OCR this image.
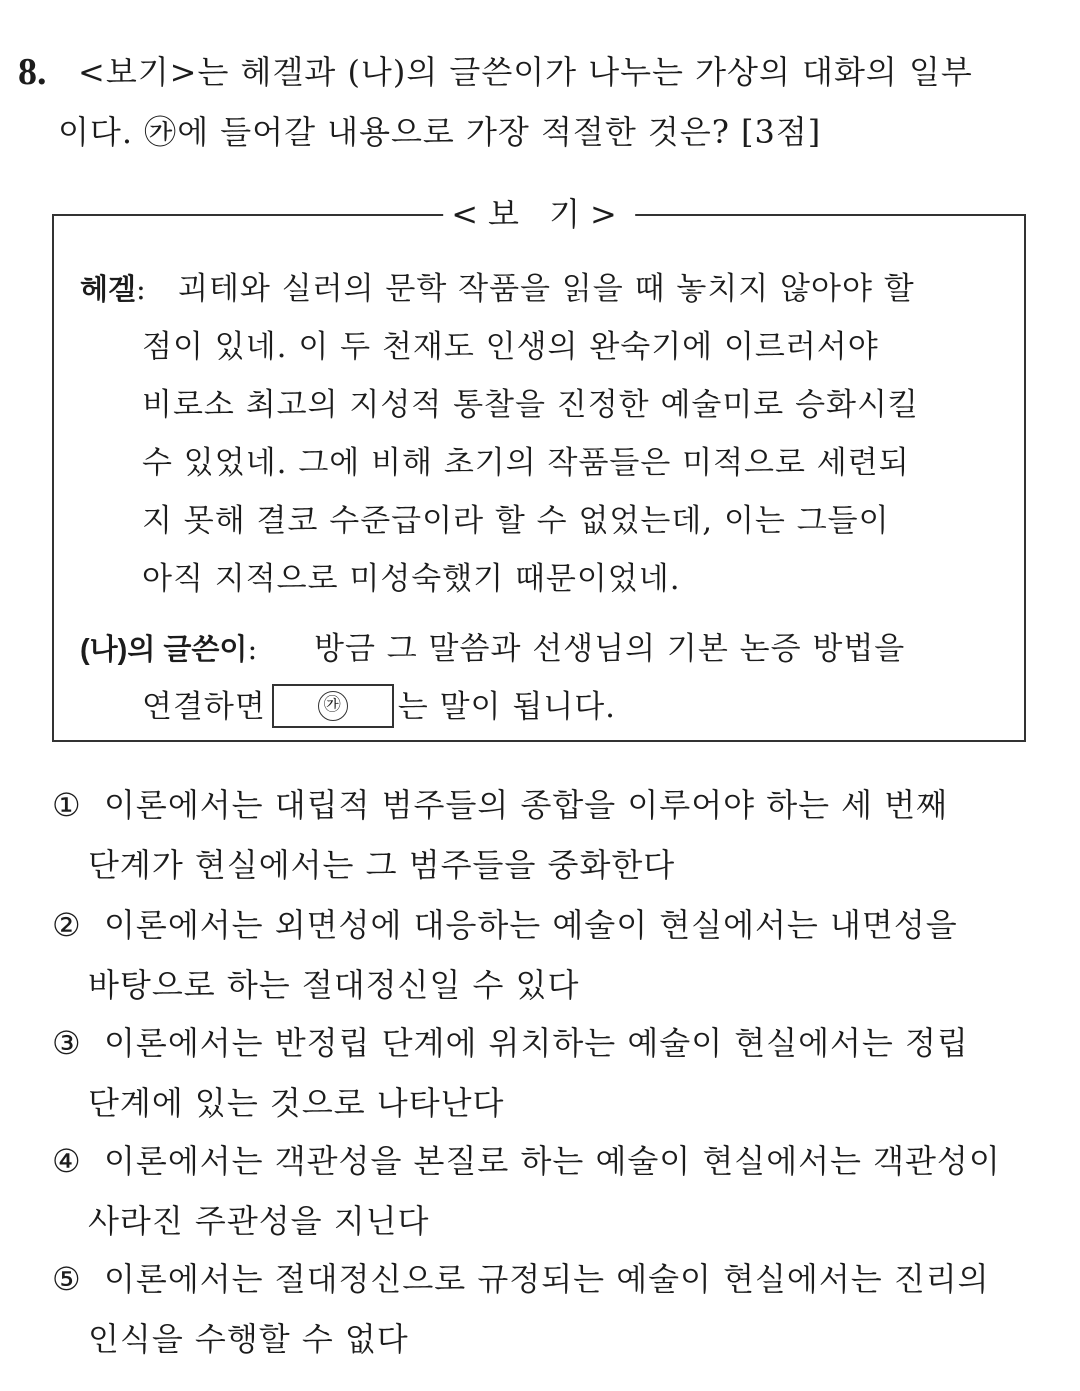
8. <보기>는 헤겔과 (나)의 글쓴이가 나누는 가상의 대화의 일부
이다. ㉮에 들어갈 내용으로 가장 적절한 것은? [3점]
<보 기>
헤겔: 괴테와 실러의 문학 작품을 읽을 때 놓치지 않아야 할
점이 있네. 이 두 천재도 인생의 완숙기에 이르러서야
비로소 최고의 지성적 통찰을 진정한 예술미로 승화시킬
수 있었네. 그에 비해 초기의 작품들은 미적으로 세련되
지 못해 결코 수준급이라 할 수 없었는데, 이는 그들이
아직 지적으로 미성숙했기 때문이었네.
(나)의 글쓴이: 방금 그 말씀과 선생님의 기본 논증 방법을
연결하면	㉮ 는 말이 됩니다.
① 이론에서는 대립적 범주들의 종합을 이루어야 하는 세 번째
단계가 현실에서는 그 범주들을 중화한다
② 이론에서는 외면성에 대응하는 예술이 현실에서는 내면성을
바탕으로 하는 절대정신일 수 있다
③ 이론에서는 반정립 단계에 위치하는 예술이 현실에서는 정립
단계에 있는 것으로 나타난다
④ 이론에서는 객관성을 본질로 하는 예술이 현실에서는 객관성이
사라진 주관성을 지닌다
⑤ 이론에서는 절대정신으로 규정되는 예술이 현실에서는 진리의
인식을 수행할 수 없다
